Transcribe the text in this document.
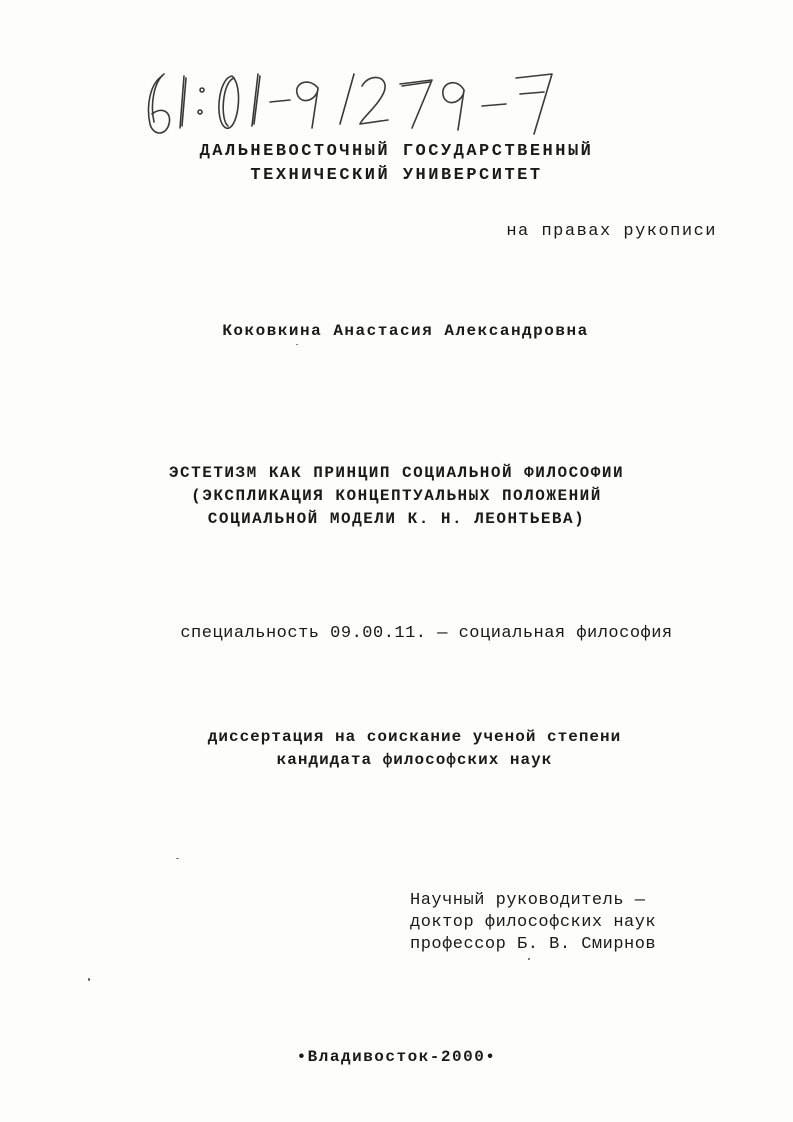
ДАЛЬНЕВОСТОЧНЫЙ ГОСУДАРСТВЕННЫЙ
ТЕХНИЧЕСКИЙ УНИВЕРСИТЕТ
на правах рукописи
Коковкина Анастасия Александровна
ЭСТЕТИЗМ КАК ПРИНЦИП СОЦИАЛЬНОЙ ФИЛОСОФИИ
(ЭКСПЛИКАЦИЯ КОНЦЕПТУАЛЬНЫХ ПОЛОЖЕНИЙ
СОЦИАЛЬНОЙ МОДЕЛИ К. Н. ЛЕОНТЬЕВА)
специальность 09.00.11. — социальная философия
диссертация на соискание ученой степени
кандидата философских наук
Научный руководитель —
доктор философских наук
профессор Б. В. Смирнов
•Владивосток-2000•
